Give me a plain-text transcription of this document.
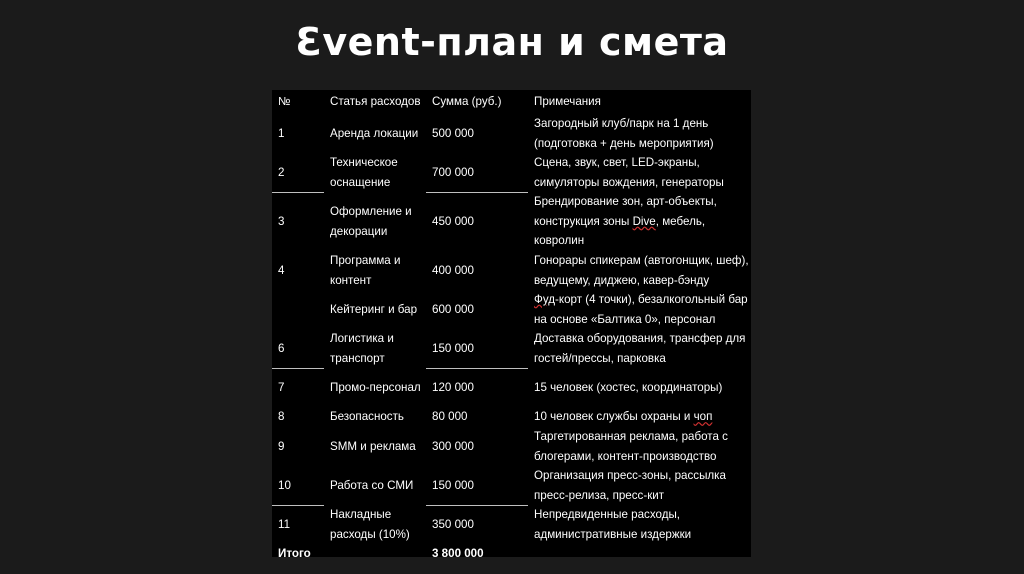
Ɛvent-план и смета
№	Статья расходов	Сумма (руб.)	Примечания
1	Аренда локации	500 000	Загородный клуб/парк на 1 день (подготовка + день мероприятия)
2	Техническое оснащение	700 000	Сцена, звук, свет, LED-экраны, симуляторы вождения, генераторы
3	Оформление и декорации	450 000	Брендирование зон, арт-объекты, конструкция зоны Dive, мебель, ковролин
4	Программа и контент	400 000	Гонорары спикерам (автогонщик, шеф), ведущему, диджею, кавер-бэнду
	Кейтеринг и бар	600 000	Фуд-корт (4 точки), безалкогольный бар на основе «Балтика 0», персонал
6	Логистика и транспорт	150 000	Доставка оборудования, трансфер для гостей/прессы, парковка
7	Промо-персонал	120 000	15 человек (хостес, координаторы)
8	Безопасность	80 000	10 человек службы охраны и чоп
9	SMM и реклама	300 000	Таргетированная реклама, работа с блогерами, контент-производство
10	Работа со СМИ	150 000	Организация пресс-зоны, рассылка пресс-релиза, пресс-кит
11	Накладные расходы (10%)	350 000	Непредвиденные расходы, административные издержки
Итого		3 800 000	
